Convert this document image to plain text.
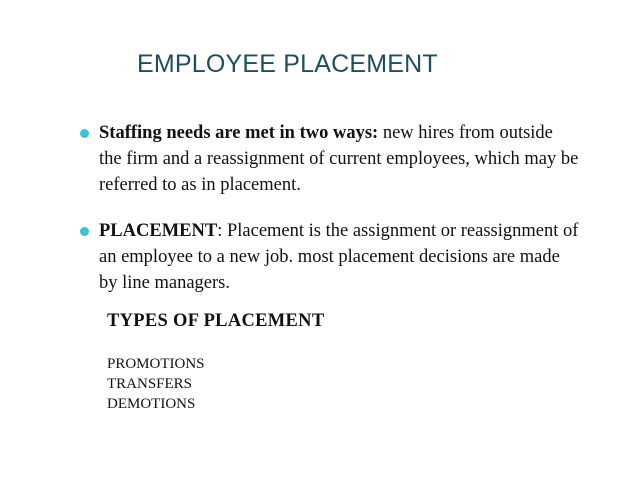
EMPLOYEE PLACEMENT
Staffing needs are met in two ways: new hires from outside the firm and a reassignment of current employees, which may be referred to as in placement.
PLACEMENT: Placement is the assignment or reassignment of an employee to a new job. most placement decisions are made by line managers.
TYPES OF PLACEMENT
PROMOTIONS
TRANSFERS
DEMOTIONS
